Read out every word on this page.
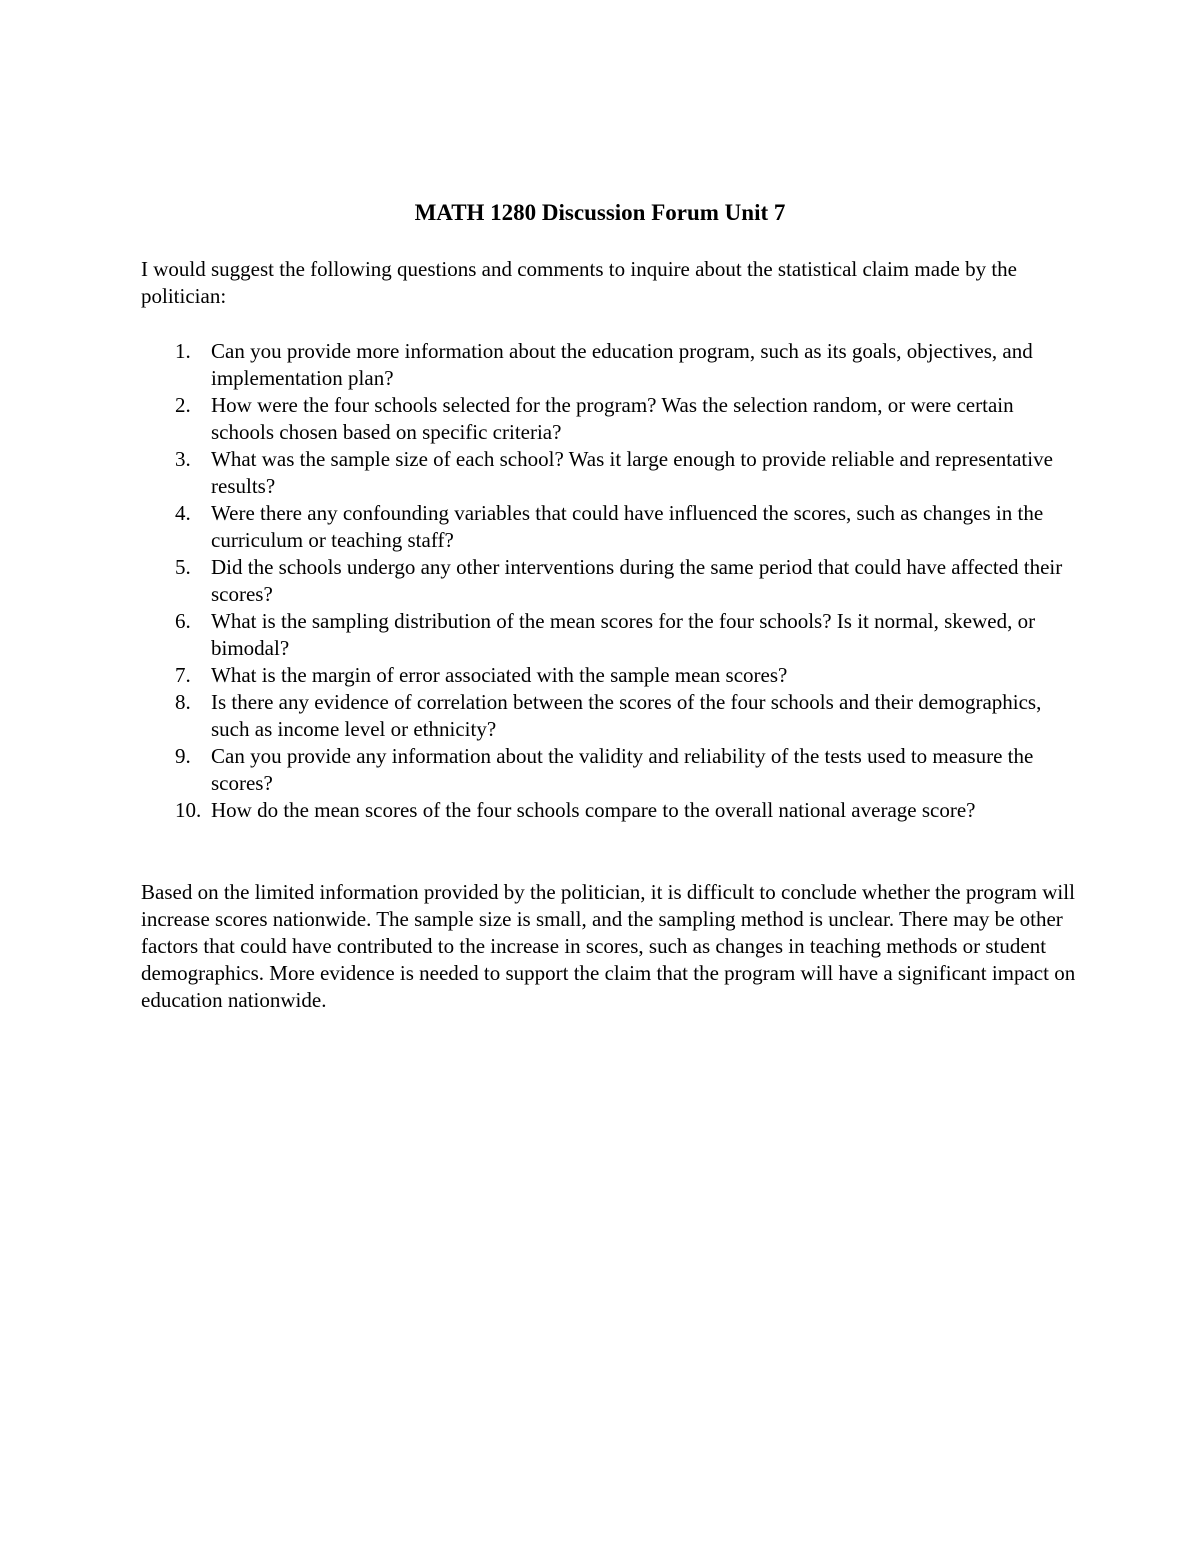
MATH 1280 Discussion Forum Unit 7

I would suggest the following questions and comments to inquire about the statistical claim made by the politician:

1. Can you provide more information about the education program, such as its goals, objectives, and implementation plan?
2. How were the four schools selected for the program? Was the selection random, or were certain schools chosen based on specific criteria?
3. What was the sample size of each school? Was it large enough to provide reliable and representative results?
4. Were there any confounding variables that could have influenced the scores, such as changes in the curriculum or teaching staff?
5. Did the schools undergo any other interventions during the same period that could have affected their scores?
6. What is the sampling distribution of the mean scores for the four schools? Is it normal, skewed, or bimodal?
7. What is the margin of error associated with the sample mean scores?
8. Is there any evidence of correlation between the scores of the four schools and their demographics, such as income level or ethnicity?
9. Can you provide any information about the validity and reliability of the tests used to measure the scores?
10. How do the mean scores of the four schools compare to the overall national average score?

Based on the limited information provided by the politician, it is difficult to conclude whether the program will increase scores nationwide. The sample size is small, and the sampling method is unclear. There may be other factors that could have contributed to the increase in scores, such as changes in teaching methods or student demographics. More evidence is needed to support the claim that the program will have a significant impact on education nationwide.
